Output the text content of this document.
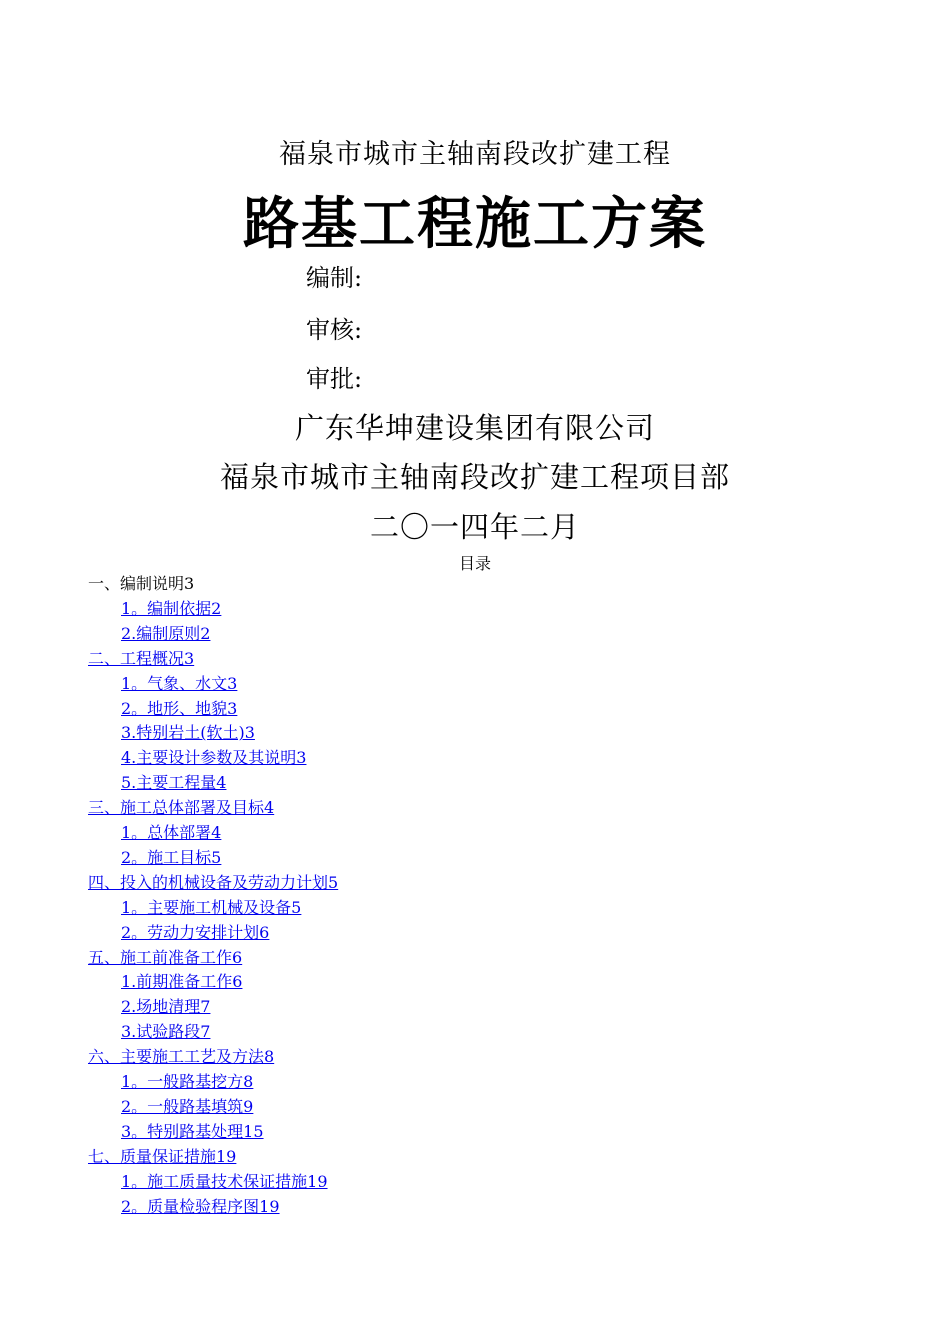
福泉市城市主轴南段改扩建工程
路基工程施工方案
编制:
审核:
审批:
广东华坤建设集团有限公司
福泉市城市主轴南段改扩建工程项目部
二〇一四年二月
目录
一、编制说明3
1。编制依据2
2.编制原则2
二、工程概况3
1。气象、水文3
2。地形、地貌3
3.特别岩土(软土)3
4.主要设计参数及其说明3
5.主要工程量4
三、施工总体部署及目标4
1。总体部署4
2。施工目标5
四、投入的机械设备及劳动力计划5
1。主要施工机械及设备5
2。劳动力安排计划6
五、施工前准备工作6
1.前期准备工作6
2.场地清理7
3.试验路段7
六、主要施工工艺及方法8
1。一般路基挖方8
2。一般路基填筑9
3。特别路基处理15
七、质量保证措施19
1。施工质量技术保证措施19
2。质量检验程序图19
